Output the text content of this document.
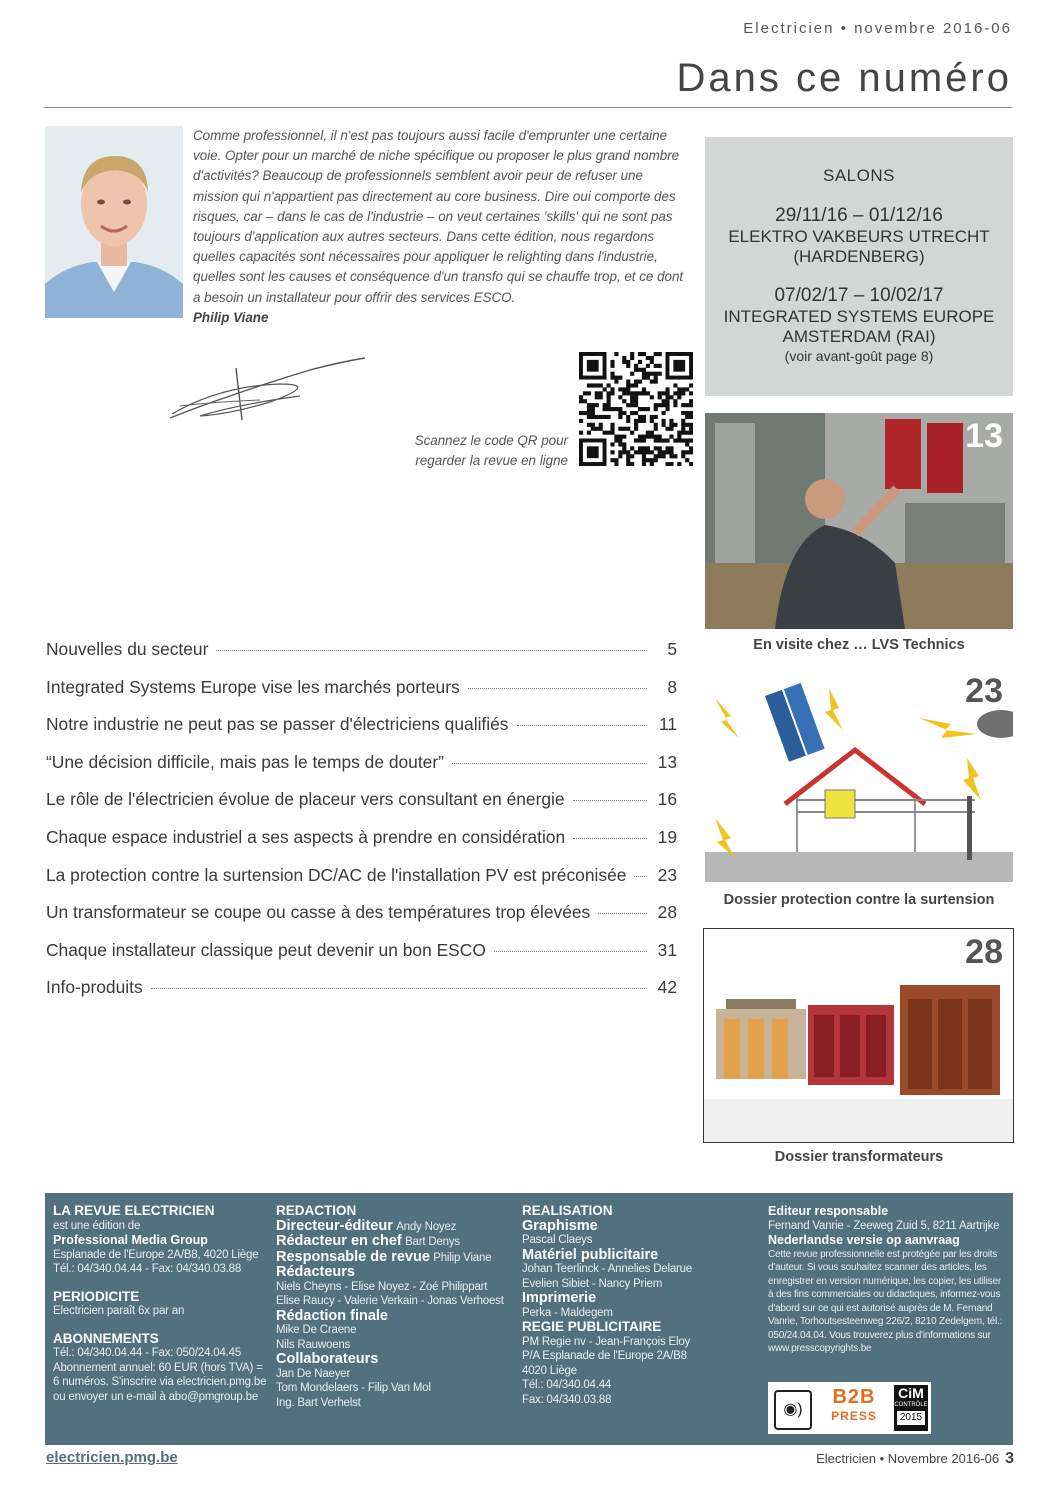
Electricien • novembre 2016-06
Dans ce numéro
Comme professionnel, il n'est pas toujours aussi facile d'emprunter une certaine voie. Opter pour un marché de niche spécifique ou proposer le plus grand nombre d'activités? Beaucoup de professionnels semblent avoir peur de refuser une mission qui n'appartient pas directement au core business. Dire oui comporte des risques, car – dans le cas de l'industrie – on veut certaines 'skills' qui ne sont pas toujours d'application aux autres secteurs. Dans cette édition, nous regardons quelles capacités sont nécessaires pour appliquer le relighting dans l'industrie, quelles sont les causes et conséquence d'un transfo qui se chauffe trop, et ce dont a besoin un installateur pour offrir des services ESCO.
Philip Viane
Scannez le code QR pour
regarder la revue en ligne
SALONS
29/11/16 – 01/12/16
ELEKTRO VAKBEURS UTRECHT
(HARDENBERG)
07/02/17 – 10/02/17
INTEGRATED SYSTEMS EUROPE
AMSTERDAM (RAI)
(voir avant-goût page 8)
13
En visite chez … LVS Technics
23
Dossier protection contre la surtension
28
Dossier transformateurs
Nouvelles du secteur	5
Integrated Systems Europe vise les marchés porteurs	8
Notre industrie ne peut pas se passer d'électriciens qualifiés	11
“Une décision difficile, mais pas le temps de douter”	13
Le rôle de l'électricien évolue de placeur vers consultant en énergie	16
Chaque espace industriel a ses aspects à prendre en considération	19
La protection contre la surtension DC/AC de l'installation PV est préconisée 23
Un transformateur se coupe ou casse à des températures trop élevées	28
Chaque installateur classique peut devenir un bon ESCO	31
Info-produits	42
LA REVUE ELECTRICIEN
est une édition de
Professional Media Group
Esplanade de l'Europe 2A/B8, 4020 Liège
Tél.: 04/340.04.44 - Fax: 04/340.03.88
PERIODICITE
Electricien paraît 6x par an
ABONNEMENTS
Tél.: 04/340.04.44 - Fax: 050/24.04.45
Abonnement annuel: 60 EUR (hors TVA) =
6 numéros. S'inscrire via electricien.pmg.be
ou envoyer un e-mail à abo@pmgroup.be
REDACTION
Directeur-éditeur Andy Noyez
Rédacteur en chef Bart Denys
Responsable de revue Philip Viane
Rédacteurs
Niels Cheyns - Elise Noyez - Zoé Philippart
Elise Raucy - Valerie Verkain - Jonas Verhoest
Rédaction finale
Mike De Craene
Nils Rauwoens
Collaborateurs
Jan De Naeyer
Tom Mondelaers - Filip Van Mol
Ing. Bart Verhelst
REALISATION
Graphisme
Pascal Claeys
Matériel publicitaire
Johan Teerlinck - Annelies Delarue
Evelien Sibiet - Nancy Priem
Imprimerie
Perka - Maldegem
REGIE PUBLICITAIRE
PM Regie nv - Jean-François Eloy
P/A Esplanade de l'Europe 2A/B8
4020 Liège
Tél.: 04/340.04.44
Fax: 04/340.03.88
Editeur responsable
Fernand Vanrie - Zeeweg Zuid 5, 8211 Aartrijke
Nederlandse versie op aanvraag
Cette revue professionnelle est protégée par les droits d'auteur. Si vous souhaitez scanner des articles, les enregistrer en version numérique, les copier, les utiliser à des fins commerciales ou didactiques, informez-vous d'abord sur ce qui est autorisé auprès de M. Fernand Vanrie, Torhoutsesteenweg 226/2, 8210 Zedelgem, tél.: 050/24.04.04. Vous trouverez plus d'informations sur www.presscopyrights.be
◉)
B2B
PRESS
CiM
CONTRÔLE
2015
electricien.pmg.be	Electricien • Novembre 2016-06 3
